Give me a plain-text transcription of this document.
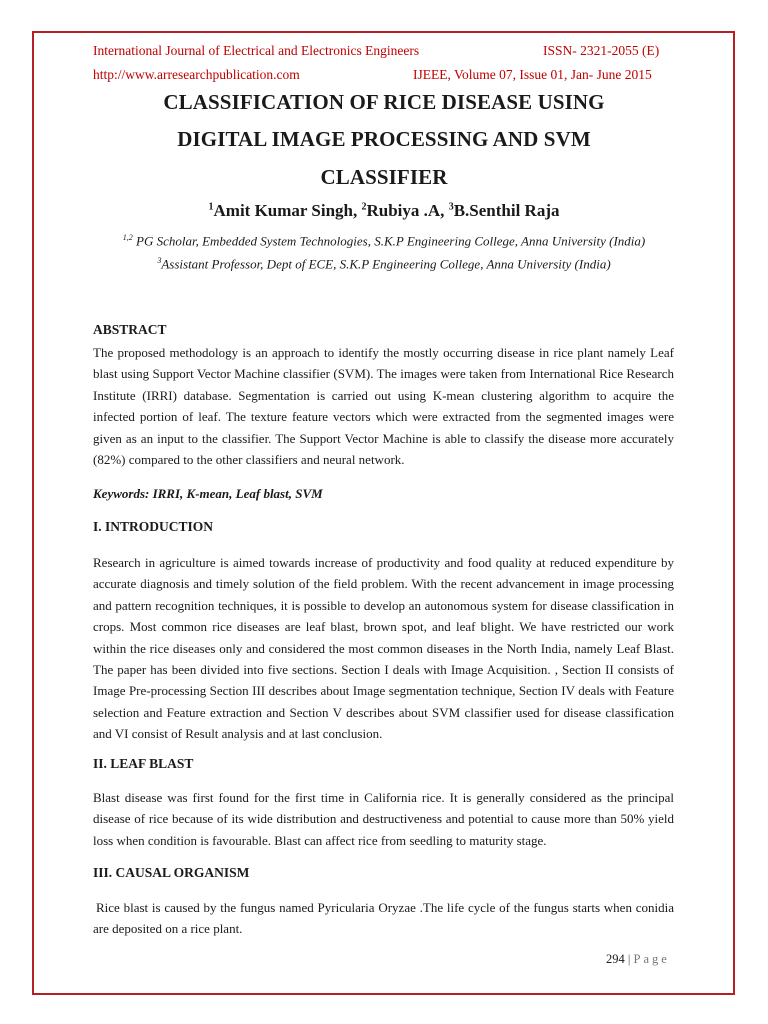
International Journal of Electrical and Electronics Engineers	ISSN- 2321-2055 (E)
http://www.arresearchpublication.com	IJEEE, Volume 07, Issue 01, Jan- June 2015
CLASSIFICATION OF RICE DISEASE USING
DIGITAL IMAGE PROCESSING AND SVM
CLASSIFIER
$^1$Amit Kumar Singh, $^2$Rubiya .A, $^3$B.Senthil Raja
$^{1,2}$ PG Scholar, Embedded System Technologies, S.K.P Engineering College, Anna University (India)
$^3$Assistant Professor, Dept of ECE, S.K.P Engineering College, Anna University (India)
ABSTRACT
The proposed methodology is an approach to identify the mostly occurring disease in rice plant namely Leaf blast using Support Vector Machine classifier (SVM). The images were taken from International Rice Research Institute (IRRI) database. Segmentation is carried out using K-mean clustering algorithm to acquire the infected portion of leaf. The texture feature vectors which were extracted from the segmented images were given as an input to the classifier. The Support Vector Machine is able to classify the disease more accurately (82%) compared to the other classifiers and neural network.
Keywords: IRRI, K-mean, Leaf blast, SVM
I. INTRODUCTION
Research in agriculture is aimed towards increase of productivity and food quality at reduced expenditure by accurate diagnosis and timely solution of the field problem. With the recent advancement in image processing and pattern recognition techniques, it is possible to develop an autonomous system for disease classification in crops. Most common rice diseases are leaf blast, brown spot, and leaf blight. We have restricted our work within the rice diseases only and considered the most common diseases in the North India, namely Leaf Blast. The paper has been divided into five sections. Section I deals with Image Acquisition. , Section II consists of Image Pre-processing Section III describes about Image segmentation technique, Section IV deals with Feature selection and Feature extraction and Section V describes about SVM classifier used for disease classification and VI consist of Result analysis and at last conclusion.
II. LEAF BLAST
Blast disease was first found for the first time in California rice. It is generally considered as the principal disease of rice because of its wide distribution and destructiveness and potential to cause more than 50% yield loss when condition is favourable. Blast can affect rice from seedling to maturity stage.
III. CAUSAL ORGANISM
Rice blast is caused by the fungus named Pyricularia Oryzae .The life cycle of the fungus starts when conidia are deposited on a rice plant.
294 | Page
